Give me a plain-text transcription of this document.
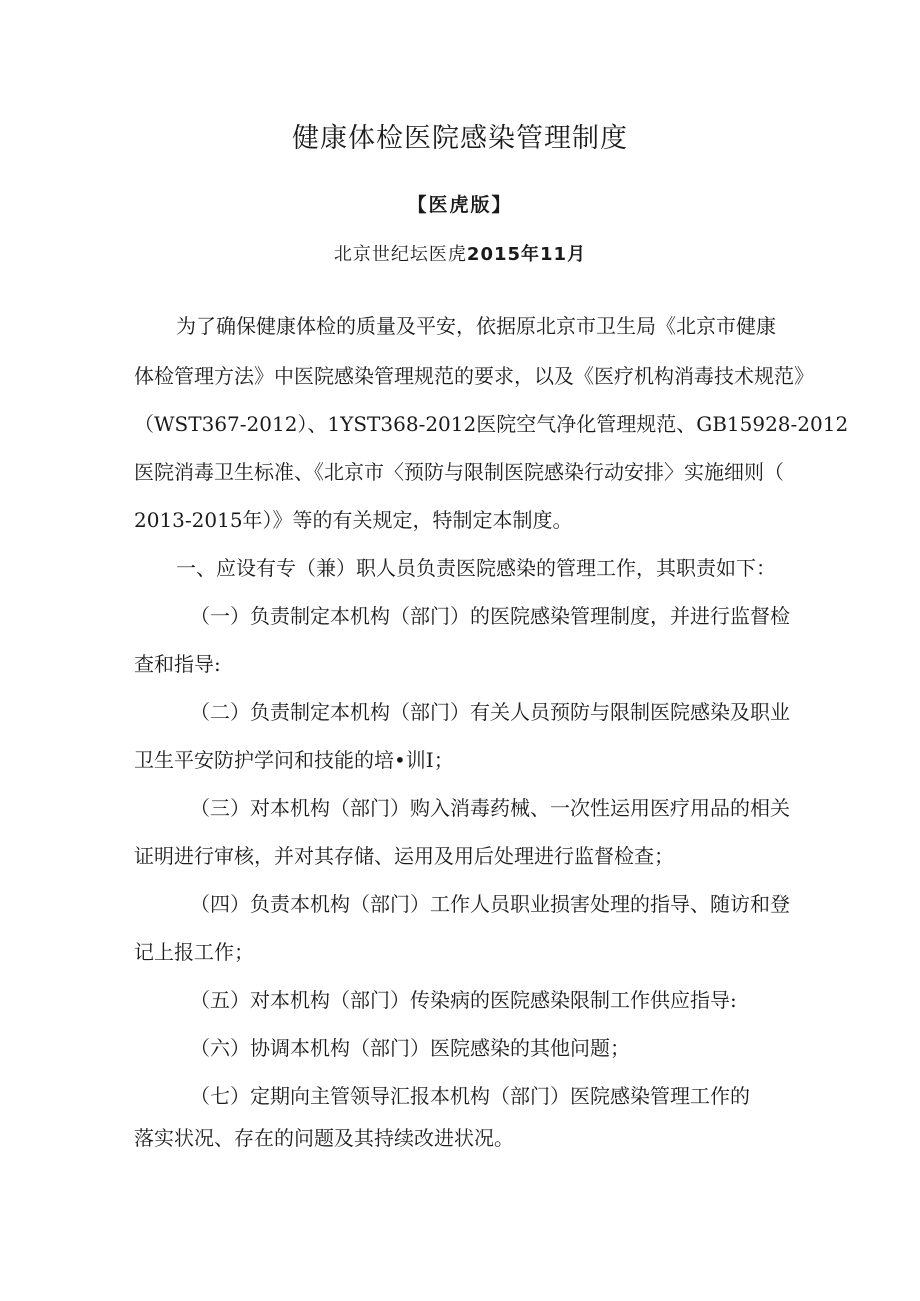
健康体检医院感染管理制度
【医虎版】
北京世纪坛医虎2015年11月
为了确保健康体检的质量及平安，依据原北京市卫生局《北京市健康
体检管理方法》中医院感染管理规范的要求，以及《医疗机构消毒技术规范》
（WST367-2012）、1YST368-2012医院空气净化管理规范、GB15928-2012
医院消毒卫生标准、《北京市〈预防与限制医院感染行动安排〉实施细则（
2013-2015年）》等的有关规定，特制定本制度。
一、应设有专（兼）职人员负责医院感染的管理工作，其职责如下：
（一）负责制定本机构（部门）的医院感染管理制度，并进行监督检
查和指导:
（二）负责制定本机构（部门）有关人员预防与限制医院感染及职业
卫生平安防护学问和技能的培•训I；
（三）对本机构（部门）购入消毒药械、一次性运用医疗用品的相关
证明进行审核，并对其存储、运用及用后处理进行监督检查；
（四）负责本机构（部门）工作人员职业损害处理的指导、随访和登
记上报工作；
（五）对本机构（部门）传染病的医院感染限制工作供应指导:
（六）协调本机构（部门）医院感染的其他问题；
（七）定期向主管领导汇报本机构（部门）医院感染管理工作的
落实状况、存在的问题及其持续改进状况。
